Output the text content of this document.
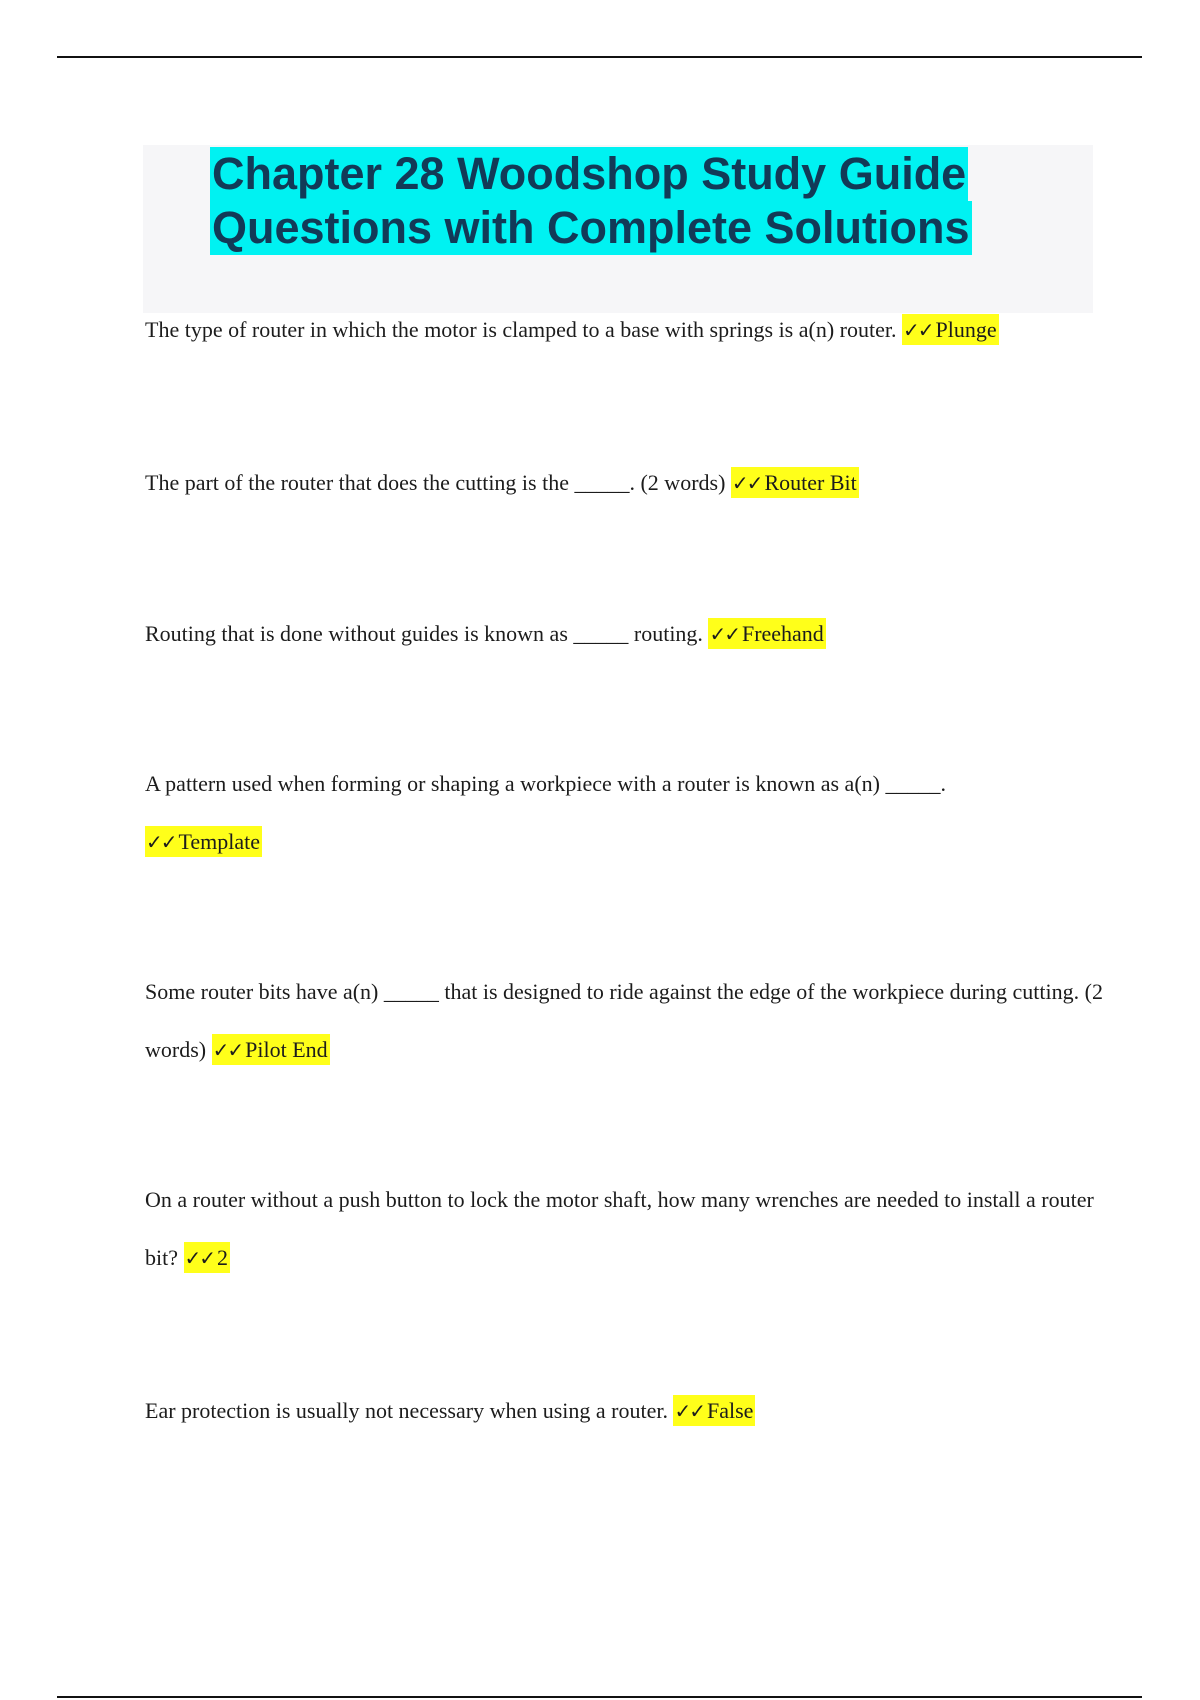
Chapter 28 Woodshop Study Guide
Questions with Complete Solutions
The type of router in which the motor is clamped to a base with springs is a(n) router. ✓✓ Plunge
The part of the router that does the cutting is the _____. (2 words) ✓✓ Router Bit
Routing that is done without guides is known as _____ routing. ✓✓ Freehand
A pattern used when forming or shaping a workpiece with a router is known as a(n) _____.
✓✓ Template
Some router bits have a(n) _____ that is designed to ride against the edge of the workpiece during cutting. (2 words) ✓✓ Pilot End
On a router without a push button to lock the motor shaft, how many wrenches are needed to install a router bit? ✓✓ 2
Ear protection is usually not necessary when using a router. ✓✓ False
